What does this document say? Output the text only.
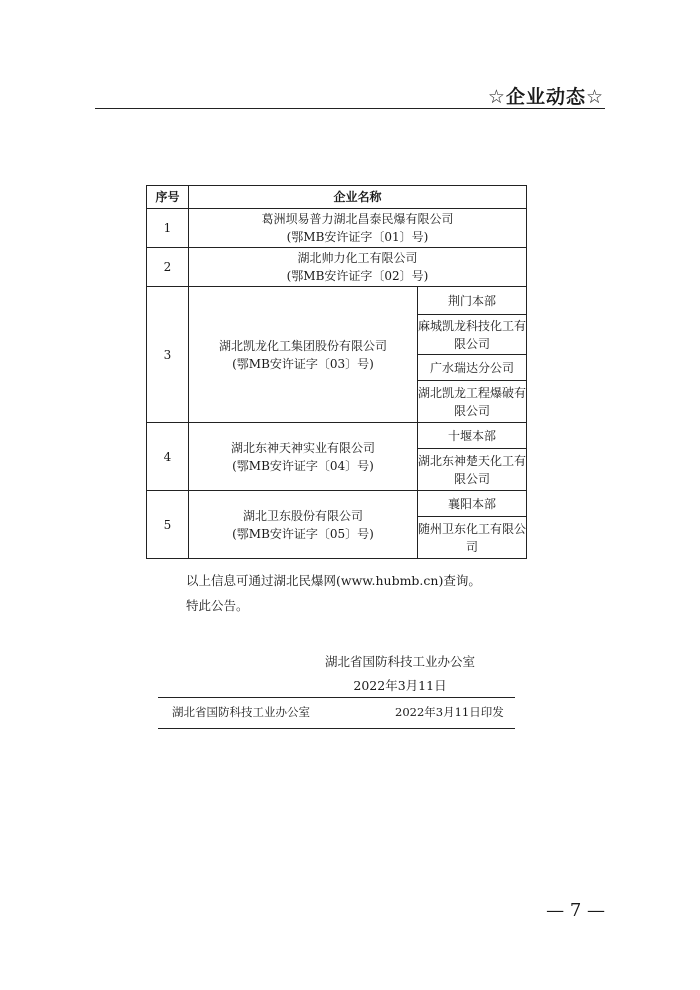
☆企业动态☆
序号	企业名称	
1	葛洲坝易普力湖北昌泰民爆有限公司
(鄂MB安许证字〔01〕号)	

2	湖北帅力化工有限公司
(鄂MB安许证字〔02〕号)	

3	湖北凯龙化工集团股份有限公司
(鄂MB安许证字〔03〕号)	荆门本部
		麻城凯龙科技化工有限公司
		广水瑞达分公司
		湖北凯龙工程爆破有限公司
4	湖北东神天神实业有限公司
(鄂MB安许证字〔04〕号)	十堰本部
		湖北东神楚天化工有限公司
5	湖北卫东股份有限公司
(鄂MB安许证字〔05〕号)	襄阳本部
		随州卫东化工有限公司
以上信息可通过湖北民爆网(www.hubmb.cn)查询。
特此公告。
湖北省国防科技工业办公室
2022年3月11日
湖北省国防科技工业办公室	2022年3月11日印发
— 7 —
